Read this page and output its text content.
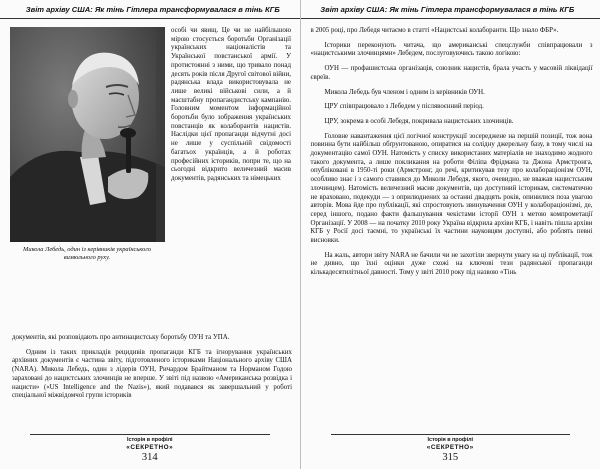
Звіт архіву США: Як тінь Гітлера трансформувалася в тінь КГБ
Микола Лебедь, один із керівників українського визвольного руху.

особі чи явищ. Це чи не найбільшою мірою стосується боротьби Організації українських націоналістів та Української повстанської армії. У протистоянні з ними, що тривало понад десять років після Другої світової війни, радянська влада використовувала не лише великі військові сили, а й масштабну пропагандистську кампанію. Головним моментом інформаційної боротьби було зображення українських повстанців як колаборантів нацистів. Наслідки цієї пропаганди відчутні досі не лише у суспільній свідомості багатьох українців, а й роботах професійних істориків, попри те, що на сьогодні відкрито величезний масив документів, радянських та німецьких

документів, які розповідають про антинацистську боротьбу ОУН та УПА.

Одним із таких прикладів рецидивів пропаганди КГБ та ігнорування українських архівних документів є частина звіту, підготовленого істориками Національного архіву США (NARA). Микола Лебедь, один з лідерів ОУН, Ричардом Брайтманом та Норманом Годою зараховані до нацистських злочинців не вперше. У звіті під назвою «Американська розвідка і нацисти» («US Intelligence and the Nazis»), який подавався як завершальний у роботі спеціальної міжвідомчої групи істориків

Історія в профілі
«СЕКРЕТНО»
314
Звіт архіву США: Як тінь Гітлера трансформувалася в тінь КГБ

в 2005 році, про Лебедя читаємо в статті «Нацистські колаборанти. Що знало ФБР».

Історики переконують читача, що американські спецслужби співпрацювали з «нацистськими злочинцями» Лебедем, послуговуючись такою логікою:

ОУН — профашистська організація, союзник нацистів, брала участь у масовій ліквідації євреїв.

Микола Лебедь був членом і одним із керівників ОУН.

ЦРУ співпрацювало з Лебедем у післявоєнний період.

ЦРУ, зокрема в особі Лебедя, покривала нацистських злочинців.

Головне навантаження цієї логічної конструкції зосереджене на першій позиції, тож вона повинна бути найбільш обґрунтованою, опиратися на солідну джерельну базу, в тому числі на документацію самої ОУН. Натомість у списку використаних матеріалів не знаходимо жодного такого документа, а лише покликання на роботи Філіпа Фрідмана та Джона Армстронга, опубліковані в 1950-ті роки (Армстронг, до речі, критикував тезу про колабораціонізм ОУН, особливо знає і з самого ставився до Миколи Лебедя, якого, очевидно, не вважав нацистським злочинцем). Натомість величезний масив документів, що доступний історикам, систематично не враховано, подекуди — з оприлюднених за останні двадцять років, опинилися поза увагою авторів. Мова йде про публікації, які спростовують звинувачення ОУН у колабораціонізмі, де, серед іншого, подано факти фальшування чекістами історії ОУН з метою компрометації Організації. У 2008 — на початку 2010 року Україна відкрила архіви КГБ, і навіть пішла архіви КГБ у Росії досі таємні, то українські їх частини науковцям доступні, або роблять певні висновки.

На жаль, автори звіту NARA не бачили чи не захотіли звернути увагу на ці публікації, тож не дивно, що їхні оцінки дуже схожі на ключові тези радянської пропаганди кількадесятилітньої давності. Тому у звіті 2010 року під назвою «Тінь

Історія в профілі
«СЕКРЕТНО»
315
